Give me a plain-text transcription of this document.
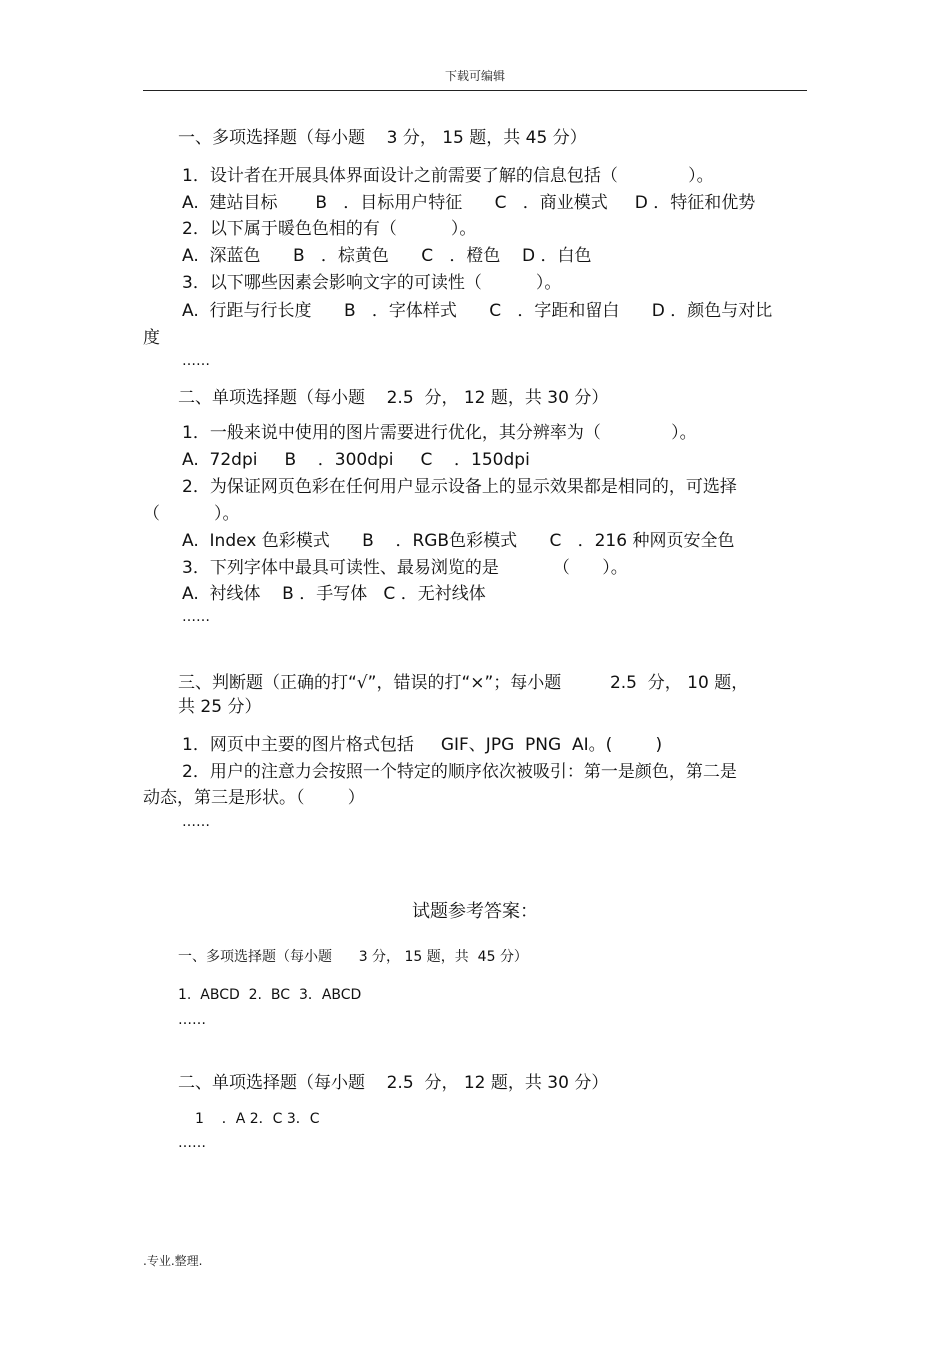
下载可编辑
一、多项选择题（每小题    3 分， 15 题，共 45 分）
1．设计者在开展具体界面设计之前需要了解的信息包括（             ）。
A.  建站目标       B   ．目标用户特征      C   ．商业模式     D ．特征和优势
2．以下属于暖色色相的有（          ）。
A.  深蓝色      B   ．棕黄色      C   ．橙色    D ．白色
3．以下哪些因素会影响文字的可读性（          ）。
A.  行距与行长度      B   ．字体样式      C   ．字距和留白      D ．颜色与对比
度
……
二、单项选择题（每小题    2.5  分， 12 题，共 30 分）
1．一般来说中使用的图片需要进行优化，其分辨率为（             ）。
A.  72dpi     B    ．300dpi     C    ．150dpi
2．为保证网页色彩在任何用户显示设备上的显示效果都是相同的，可选择
（          ）。
A.  Index 色彩模式      B    ．RGB色彩模式      C   ．216 种网页安全色
3．下列字体中最具可读性、最易浏览的是          （      ）。
A.  衬线体    B ．手写体   C ．无衬线体
……
三、判断题（正确的打“√”，错误的打“×”；每小题         2.5  分， 10 题，
共 25 分）
1．网页中主要的图片格式包括     GIF、JPG  PNG  AI。(        )
2．用户的注意力会按照一个特定的顺序依次被吸引：第一是颜色，第二是
动态，第三是形状。（        ）
……
试题参考答案：
一、多项选择题（每小题      3 分， 15 题，共  45 分）
1.  ABCD  2.  BC  3．ABCD
……
二、单项选择题（每小题    2.5  分， 12 题，共 30 分）
1    ．A 2．C 3．C
……
.专业.整理.
